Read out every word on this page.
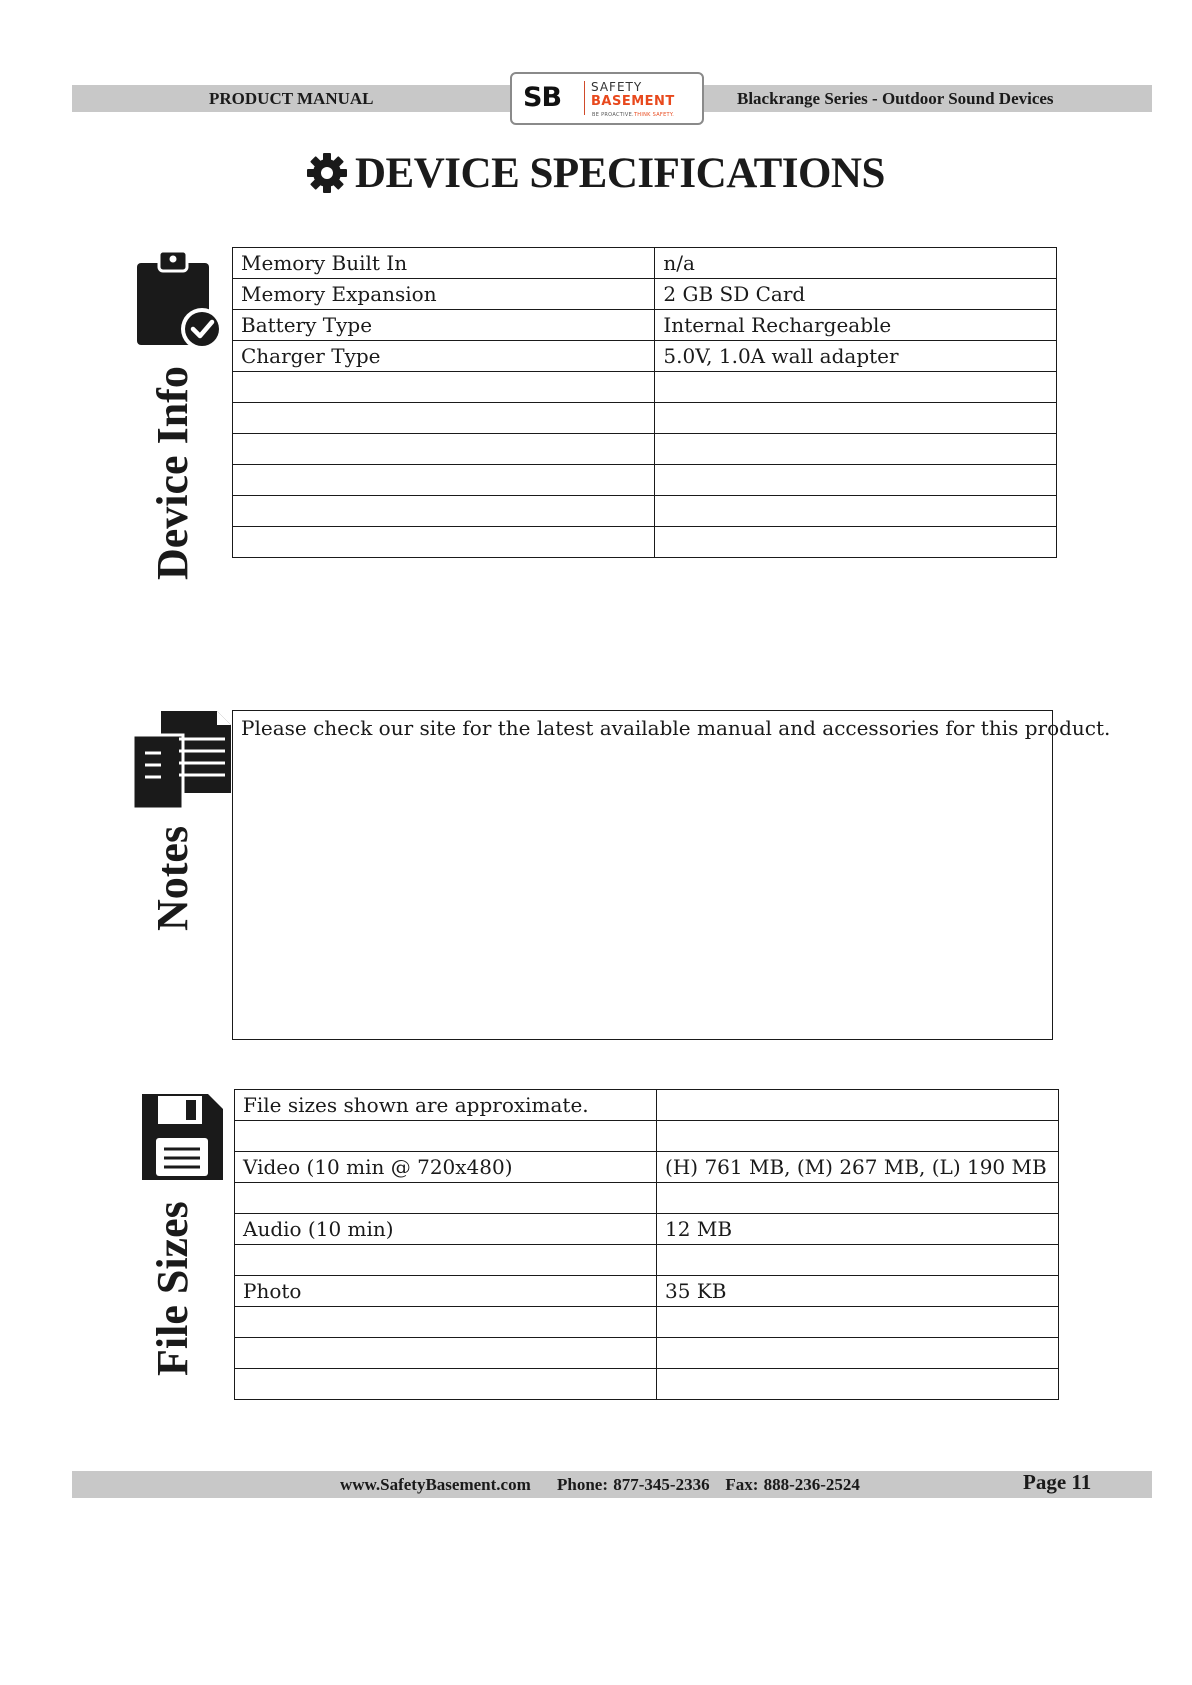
PRODUCT MANUAL	Blackrange Series - Outdoor Sound Devices
SB SAFETY
BASEMENT
BE PROACTIVE.THINK SAFETY.
DEVICE SPECIFICATIONS
Device Info
Memory Built In	n/a
Memory Expansion	2 GB SD Card
Battery Type	Internal Rechargeable
Charger Type	5.0V, 1.0A wall adapter

Notes
Please check our site for the latest available manual and accessories for this product.
File Sizes
File sizes shown are approximate.	

Video (10 min @ 720x480)	(H) 761 MB, (M) 267 MB, (L) 190 MB

Audio (10 min)	12 MB

Photo	35 KB

www.SafetyBasement.com     Phone: 877-345-2336   Fax: 888-236-2524	Page 11
